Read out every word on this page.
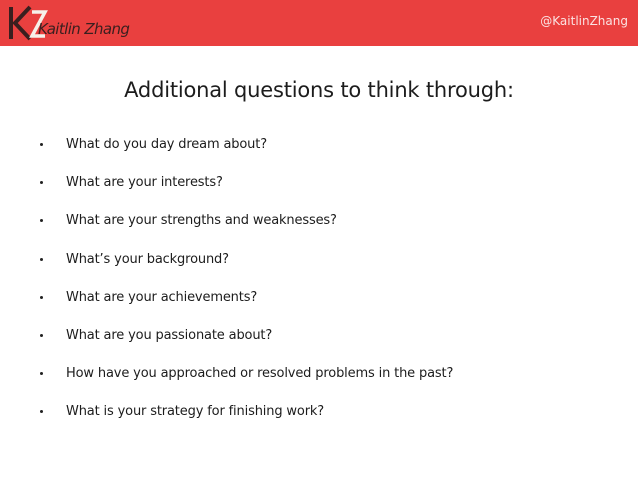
Kaitlin Zhang	@KaitlinZhang
Additional questions to think through:
What do you day dream about?
What are your interests?
What are your strengths and weaknesses?
What’s your background?
What are your achievements?
What are you passionate about?
How have you approached or resolved problems in the past?
What is your strategy for finishing work?
